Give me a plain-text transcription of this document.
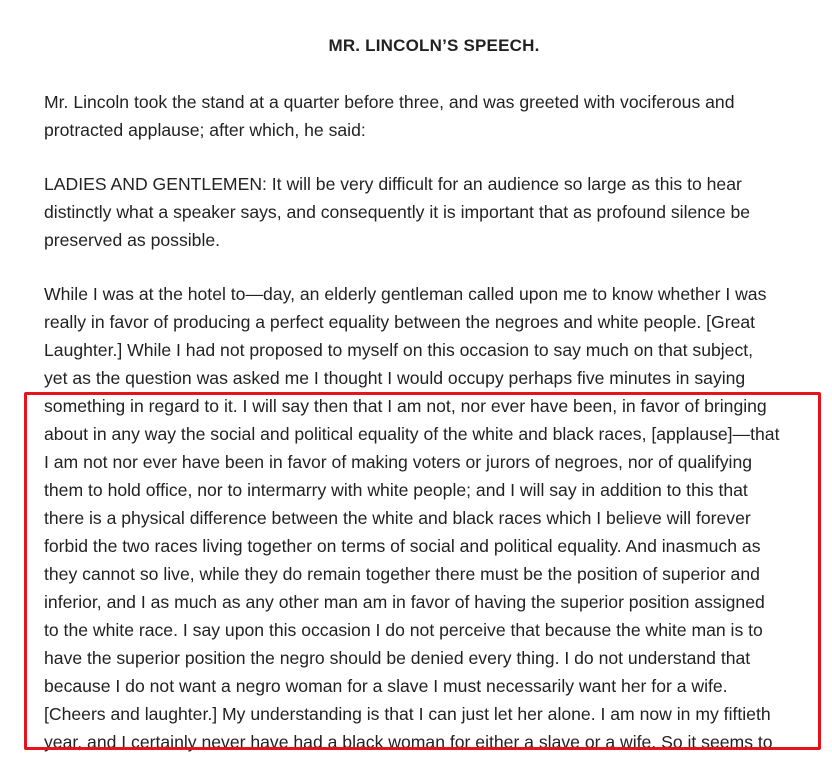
MR. LINCOLN’S SPEECH.

Mr. Lincoln took the stand at a quarter before three, and was greeted with vociferous and
protracted applause; after which, he said:

LADIES AND GENTLEMEN: It will be very difficult for an audience so large as this to hear
distinctly what a speaker says, and consequently it is important that as profound silence be
preserved as possible.

While I was at the hotel to—day, an elderly gentleman called upon me to know whether I was
really in favor of producing a perfect equality between the negroes and white people. [Great
Laughter.] While I had not proposed to myself on this occasion to say much on that subject,
yet as the question was asked me I thought I would occupy perhaps five minutes in saying
something in regard to it. I will say then that I am not, nor ever have been, in favor of bringing
about in any way the social and political equality of the white and black races, [applause]—that
I am not nor ever have been in favor of making voters or jurors of negroes, nor of qualifying
them to hold office, nor to intermarry with white people; and I will say in addition to this that
there is a physical difference between the white and black races which I believe will forever
forbid the two races living together on terms of social and political equality. And inasmuch as
they cannot so live, while they do remain together there must be the position of superior and
inferior, and I as much as any other man am in favor of having the superior position assigned
to the white race. I say upon this occasion I do not perceive that because the white man is to
have the superior position the negro should be denied every thing. I do not understand that
because I do not want a negro woman for a slave I must necessarily want her for a wife.
[Cheers and laughter.] My understanding is that I can just let her alone. I am now in my fiftieth
year, and I certainly never have had a black woman for either a slave or a wife. So it seems to
